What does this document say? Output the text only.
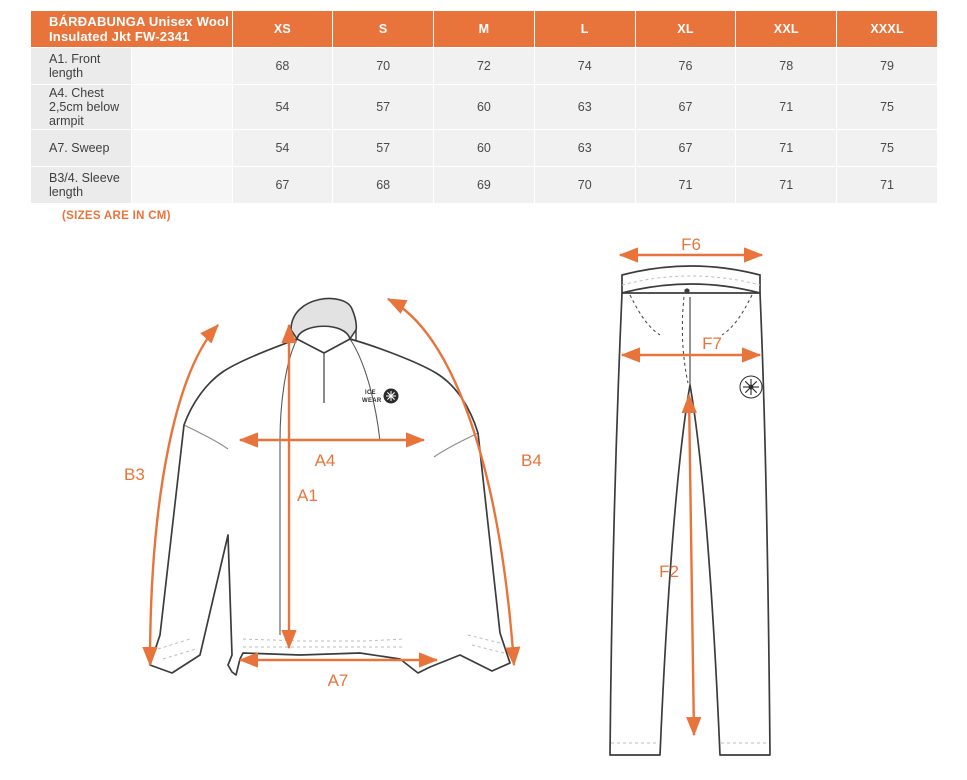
BÁRÐABUNGA Unisex Wool Insulated Jkt FW-2341		XS	S	M	L	XL	XXL	XXXL
A1. Front length		68	70	72	74	76	78	79
A4. Chest 2,5cm below armpit		54	57	60	63	67	71	75
A7. Sweep		54	57	60	63	67	71	75
B3/4. Sleeve length		67	68	69	70	71	71	71
(SIZES ARE IN CM)
ICE
WEAR
B3
B4
A4
A1
A7
F6
F7
F2
